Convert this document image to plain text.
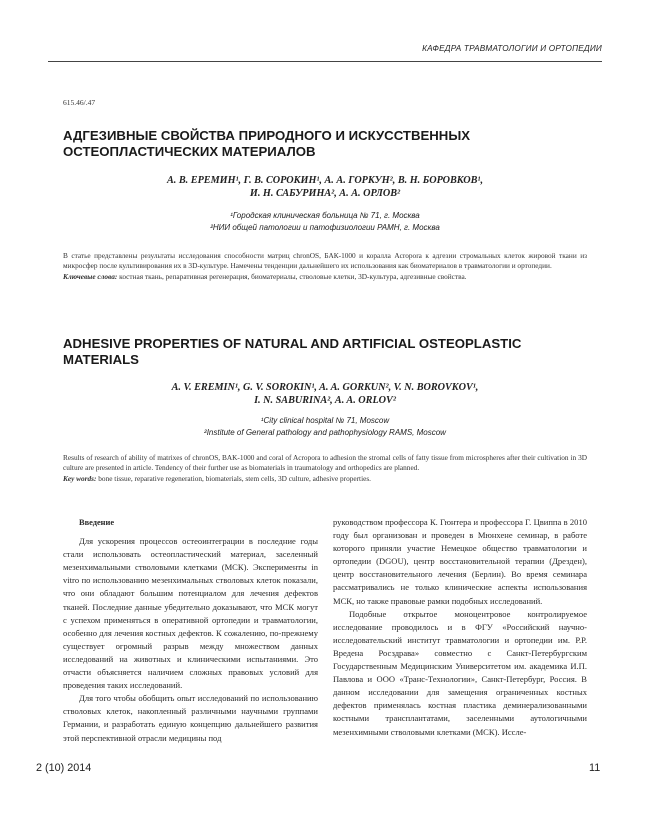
КАФЕДРА ТРАВМАТОЛОГИИ И ОРТОПЕДИИ
615.46/.47
АДГЕЗИВНЫЕ СВОЙСТВА ПРИРОДНОГО И ИСКУССТВЕННЫХ ОСТЕОПЛАСТИЧЕСКИХ МАТЕРИАЛОВ
А. В. ЕРЕМИН¹, Г. В. СОРОКИН¹, А. А. ГОРКУН², В. Н. БОРОВКОВ¹,
И. Н. САБУРИНА², А. А. ОРЛОВ²
¹Городская клиническая больница № 71, г. Москва
²НИИ общей патологии и патофизиологии РАМН, г. Москва
В статье представлены результаты исследования способности матриц chronOS, БАК-1000 и коралла Acropora к адгезии стромальных клеток жировой ткани из микросфер после культивирования их в 3D-культуре. Намечены тенденции дальнейшего их использования как биоматериалов в травматологии и ортопедии.
Ключевые слова: костная ткань, репаративная регенерация, биоматериалы, стволовые клетки, 3D-культура, адгезивные свойства.
ADHESIVE PROPERTIES OF NATURAL AND ARTIFICIAL OSTEOPLASTIC MATERIALS
A. V. EREMIN¹, G. V. SOROKIN¹, A. A. GORKUN², V. N. BOROVKOV¹,
I. N. SABURINA², A. A. ORLOV²
¹City clinical hospital № 71, Moscow
²Institute of General pathology and pathophysiology RAMS, Moscow
Results of research of ability of matrixes of chronOS, BAK-1000 and coral of Acropora to adhesion the stromal cells of fatty tissue from microspheres after their cultivation in 3D culture are presented in article. Tendency of their further use as biomaterials in traumatology and orthopedics are planned.
Key words: bone tissue, reparative regeneration, biomaterials, stem cells, 3D culture, adhesive properties.
Введение

Для ускорения процессов остеоинтеграции в последние годы стали использовать остеопластический материал, заселенный мезенхимальными стволовыми клетками (МСК). Эксперименты in vitro по использованию мезенхимальных стволовых клеток показали, что они обладают большим потенциалом для лечения дефектов тканей. Последние данные убедительно доказывают, что МСК могут с успехом применяться в оперативной ортопедии и травматологии, особенно для лечения костных дефектов. К сожалению, по-прежнему существует огромный разрыв между множеством данных исследований на животных и клиническими испытаниями. Это отчасти объясняется наличием сложных правовых условий для проведения таких исследований.

Для того чтобы обобщить опыт исследований по использованию стволовых клеток, накопленный различными научными группами Германии, и разработать единую концепцию дальнейшего развития этой перспективной отрасли медицины под

руководством профессора К. Гюнтера и профессора Г. Цвиппа в 2010 году был организован и проведен в Мюнхене семинар, в работе которого приняли участие Немецкое общество травматологии и ортопедии (DGOU), центр восстановительной терапии (Дрезден), центр восстановительного лечения (Берлин). Во время семинара рассматривались не только клинические аспекты использования МСК, но также правовые рамки подобных исследований.

Подобные открытое моноцентровое контролируемое исследование проводилось и в ФГУ «Российский научно-исследовательский институт травматологии и ортопедии им. Р.Р. Вредена Росздрава» совместно с Санкт-Петербургским Государственным Медицинским Университетом им. академика И.П. Павлова и ООО «Транс-Технологии», Санкт-Петербург, Россия. В данном исследовании для замещения ограниченных костных дефектов применялась костная пластика деминерализованными костными трансплантатами, заселенными аутологичными мезенхимными стволовыми клетками (МСК). Иссле-

2 (10) 2014	11
